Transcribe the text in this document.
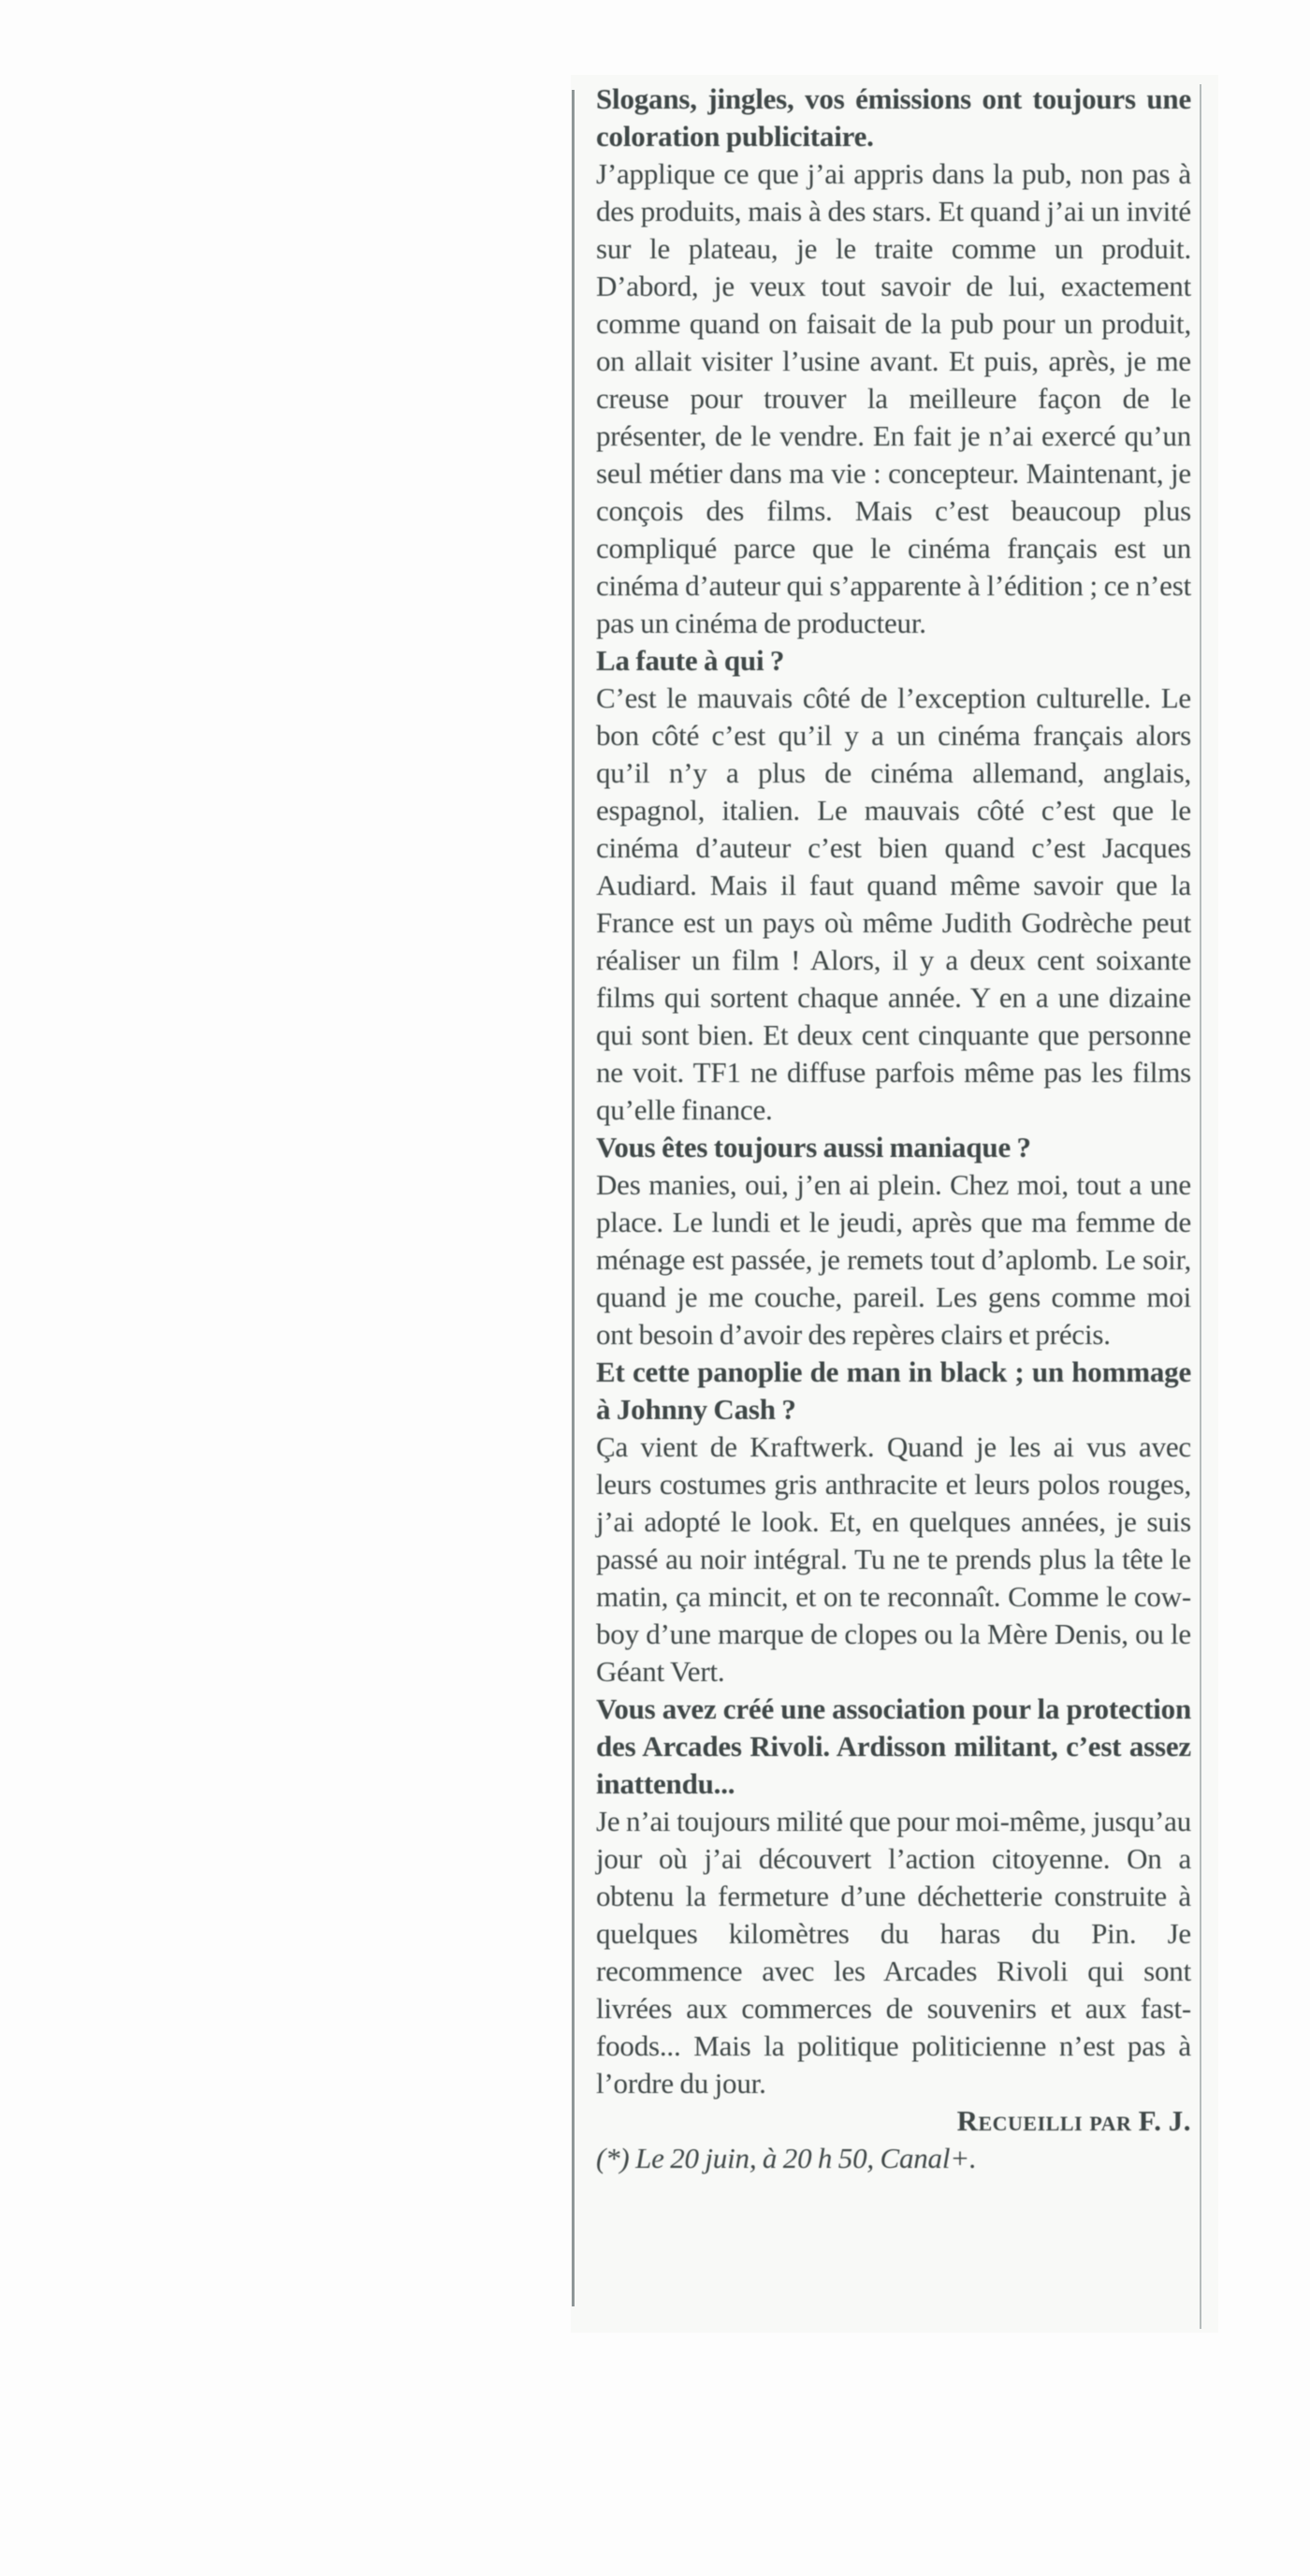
Slogans, jingles, vos émissions ont toujours une coloration publicitaire.

J’applique ce que j’ai appris dans la pub, non pas à des produits, mais à des stars. Et quand j’ai un invité sur le plateau, je le traite comme un produit. D’abord, je veux tout savoir de lui, exactement comme quand on faisait de la pub pour un produit, on allait visiter l’usine avant. Et puis, après, je me creuse pour trouver la meilleure façon de le présenter, de le vendre. En fait je n’ai exercé qu’un seul métier dans ma vie : concepteur. Maintenant, je conçois des films. Mais c’est beaucoup plus compliqué parce que le cinéma français est un cinéma d’auteur qui s’apparente à l’édition ; ce n’est pas un cinéma de producteur.

La faute à qui ?

C’est le mauvais côté de l’exception culturelle. Le bon côté c’est qu’il y a un cinéma français alors qu’il n’y a plus de cinéma allemand, anglais, espagnol, italien. Le mauvais côté c’est que le cinéma d’auteur c’est bien quand c’est Jacques Audiard. Mais il faut quand même savoir que la France est un pays où même Judith Godrèche peut réaliser un film ! Alors, il y a deux cent soixante films qui sortent chaque année. Y en a une dizaine qui sont bien. Et deux cent cinquante que personne ne voit. TF1 ne diffuse parfois même pas les films qu’elle finance.

Vous êtes toujours aussi maniaque ?

Des manies, oui, j’en ai plein. Chez moi, tout a une place. Le lundi et le jeudi, après que ma femme de ménage est passée, je remets tout d’aplomb. Le soir, quand je me couche, pareil. Les gens comme moi ont besoin d’avoir des repères clairs et précis.

Et cette panoplie de man in black ; un hommage à Johnny Cash ?

Ça vient de Kraftwerk. Quand je les ai vus avec leurs costumes gris anthracite et leurs polos rouges, j’ai adopté le look. Et, en quelques années, je suis passé au noir intégral. Tu ne te prends plus la tête le matin, ça mincit, et on te reconnaît. Comme le cow-boy d’une marque de clopes ou la Mère Denis, ou le Géant Vert.

Vous avez créé une association pour la protection des Arcades Rivoli. Ardisson militant, c’est assez inattendu...

Je n’ai toujours milité que pour moi-même, jusqu’au jour où j’ai découvert l’action citoyenne. On a obtenu la fermeture d’une déchetterie construite à quelques kilomètres du haras du Pin. Je recommence avec les Arcades Rivoli qui sont livrées aux commerces de souvenirs et aux fast-foods... Mais la politique politicienne n’est pas à l’ordre du jour.

Recueilli par F. J.

(*) Le 20 juin, à 20 h 50, Canal+.
